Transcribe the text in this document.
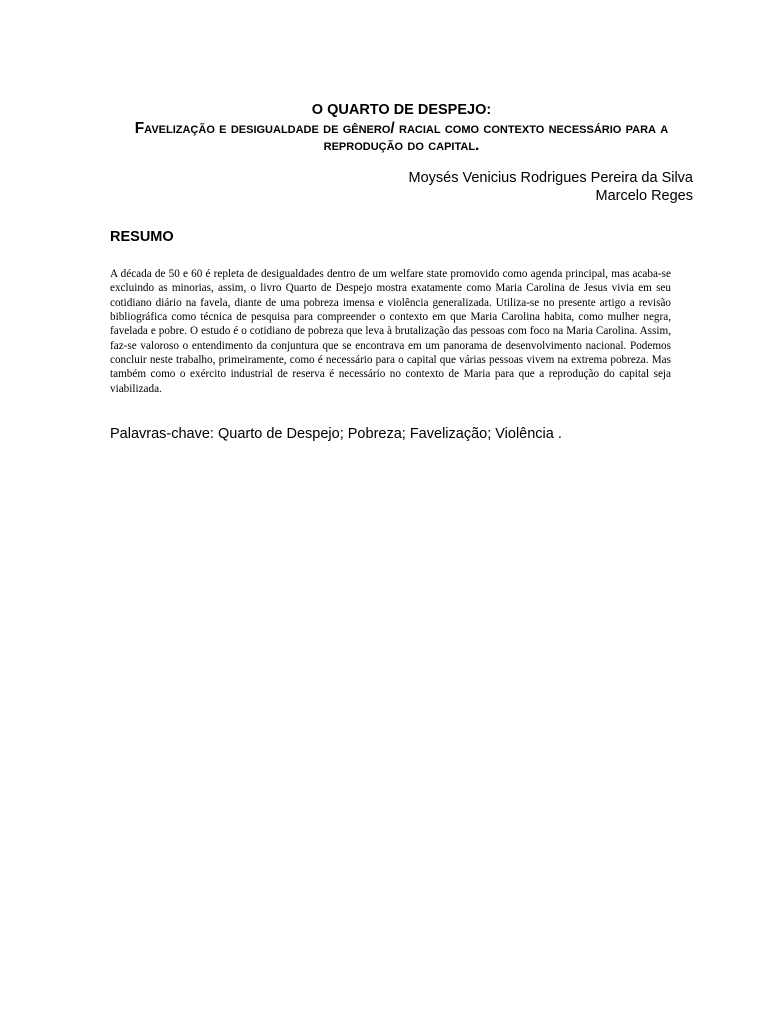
O QUARTO DE DESPEJO:
Favelização e desigualdade de gênero/ racial como contexto necessário para a reprodução do capital.
Moysés Venicius Rodrigues Pereira da Silva
Marcelo Reges
RESUMO

A década de 50 e 60 é repleta de desigualdades dentro de um welfare state promovido como agenda principal, mas acaba-se excluindo as minorias, assim, o livro Quarto de Despejo mostra exatamente como Maria Carolina de Jesus vivia em seu cotidiano diário na favela, diante de uma pobreza imensa e violência generalizada. Utiliza-se no presente artigo a revisão bibliográfica como técnica de pesquisa para compreender o contexto em que Maria Carolina habita, como mulher negra, favelada e pobre. O estudo é o cotidiano de pobreza que leva à brutalização das pessoas com foco na Maria Carolina. Assim, faz-se valoroso o entendimento da conjuntura que se encontrava em um panorama de desenvolvimento nacional. Podemos concluir neste trabalho, primeiramente, como é necessário para o capital que várias pessoas vivem na extrema pobreza. Mas também como o exército industrial de reserva é necessário no contexto de Maria para que a reprodução do capital seja viabilizada.

Palavras-chave: Quarto de Despejo; Pobreza; Favelização; Violência .
